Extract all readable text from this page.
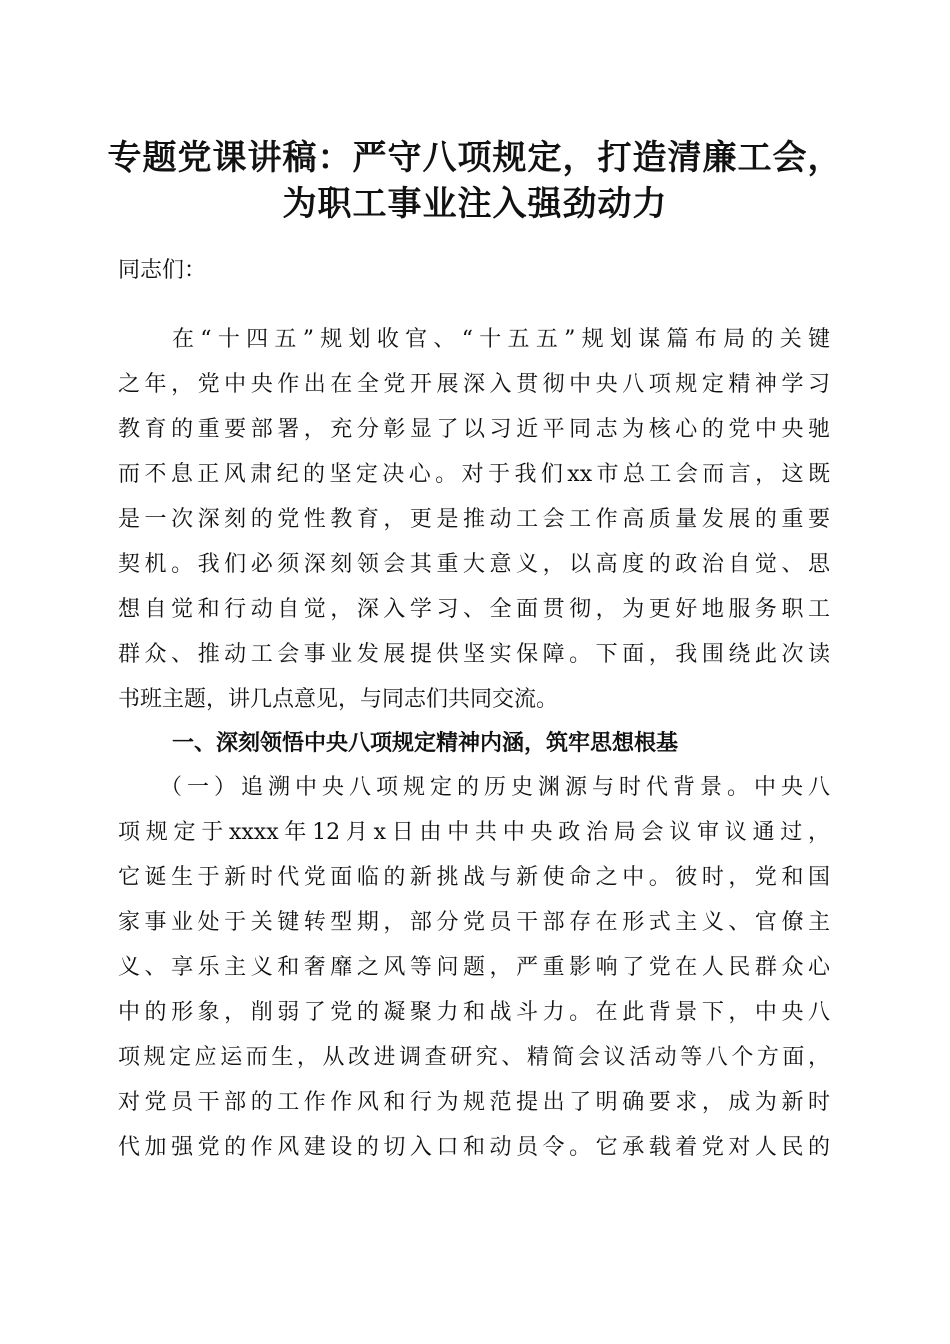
专题党课讲稿：严守八项规定，打造清廉工会，
为职工事业注入强劲动力
同志们：
在“十四五”规划收官、“十五五”规划谋篇布局的关键
之年，党中央作出在全党开展深入贯彻中央八项规定精神学习
教育的重要部署，充分彰显了以习近平同志为核心的党中央驰
而不息正风肃纪的坚定决心。对于我们xx市总工会而言，这既
是一次深刻的党性教育，更是推动工会工作高质量发展的重要
契机。我们必须深刻领会其重大意义，以高度的政治自觉、思
想自觉和行动自觉，深入学习、全面贯彻，为更好地服务职工
群众、推动工会事业发展提供坚实保障。下面，我围绕此次读
书班主题，讲几点意见，与同志们共同交流。
一、深刻领悟中央八项规定精神内涵，筑牢思想根基
（一）追溯中央八项规定的历史渊源与时代背景。中央八
项规定于xxxx年12月x日由中共中央政治局会议审议通过，
它诞生于新时代党面临的新挑战与新使命之中。彼时，党和国
家事业处于关键转型期，部分党员干部存在形式主义、官僚主
义、享乐主义和奢靡之风等问题，严重影响了党在人民群众心
中的形象，削弱了党的凝聚力和战斗力。在此背景下，中央八
项规定应运而生，从改进调查研究、精简会议活动等八个方面，
对党员干部的工作作风和行为规范提出了明确要求，成为新时
代加强党的作风建设的切入口和动员令。它承载着党对人民的
